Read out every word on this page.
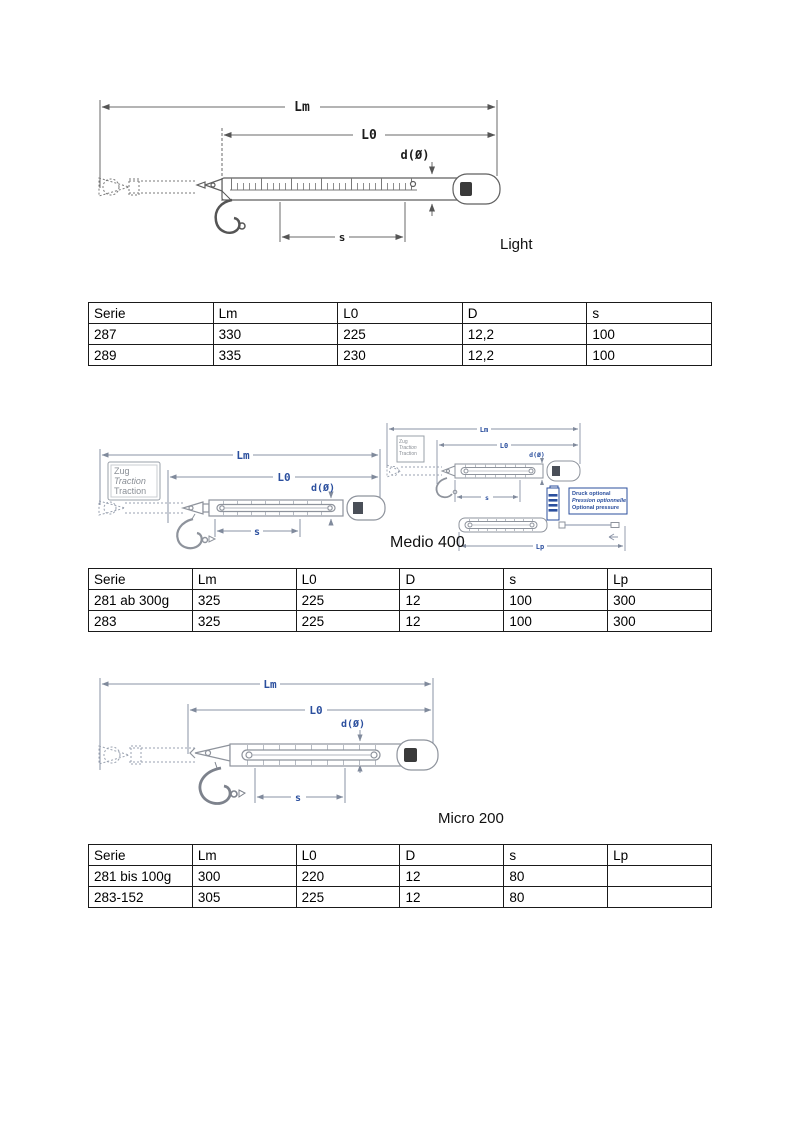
Lm
L0
d(Ø)
s	Light
Serie	Lm	L0	D	s
287	330	225	12,2	100
289	335	230	12,2	100
Zug
Traction
Traction
Lm
L0
d(Ø)
s
Zug
Traction
Traction
Druck optional
Pression optionnelle
Optional pressure
Lm
L0
d(Ø)
s
Lp
Medio 400
Serie	Lm	L0	D	s	Lp
281 ab 300g	325	225	12	100	300
283	325	225	12	100	300
Lm
L0
d(Ø)
s
Micro 200
Serie	Lm	L0	D	s	Lp
281 bis 100g	300	220	12	80	
283-152	305	225	12	80	
